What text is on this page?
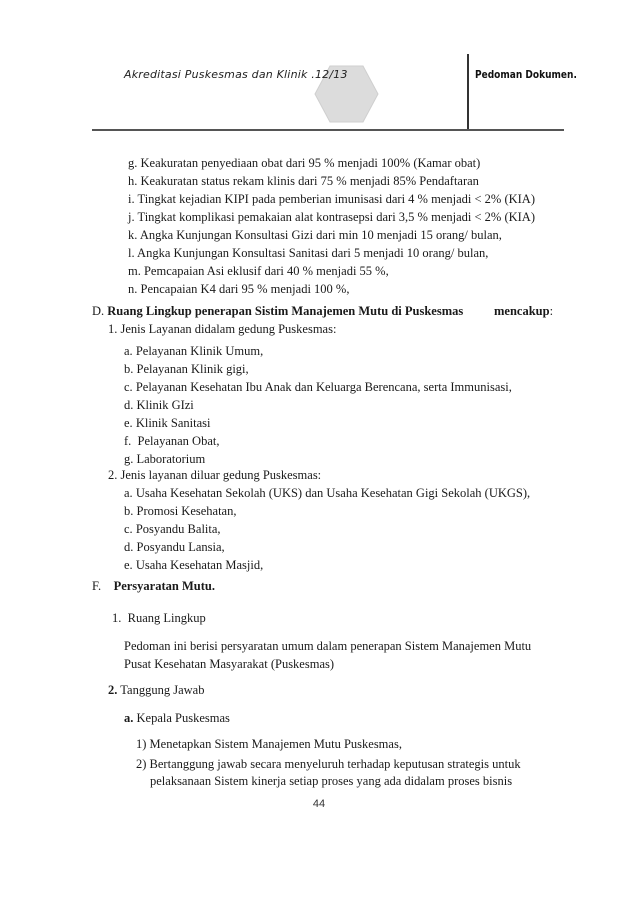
Akreditasi Puskesmas dan Klinik .12/13	Pedoman Dokumen.
g. Keakuratan penyediaan obat dari 95 % menjadi 100% (Kamar obat)
h. Keakuratan status rekam klinis dari 75 % menjadi 85% Pendaftaran
i. Tingkat kejadian KIPI pada pemberian imunisasi dari 4 % menjadi < 2% (KIA)
j. Tingkat komplikasi pemakaian alat kontrasepsi dari 3,5 % menjadi < 2% (KIA)
k. Angka Kunjungan Konsultasi Gizi dari min 10 menjadi 15 orang/ bulan,
l. Angka Kunjungan Konsultasi Sanitasi dari 5 menjadi 10 orang/ bulan,
m. Pemcapaian Asi eklusif dari 40 % menjadi 55 %,
n. Pencapaian K4 dari 95 % menjadi 100 %,
D. Ruang Lingkup penerapan Sistim Manajemen Mutu di Puskesmas mencakup:
1. Jenis Layanan didalam gedung Puskesmas:
a. Pelayanan Klinik Umum,
b. Pelayanan Klinik gigi,
c. Pelayanan Kesehatan Ibu Anak dan Keluarga Berencana, serta Immunisasi,
d. Klinik GIzi
e. Klinik Sanitasi
f. Pelayanan Obat,
g. Laboratorium
2. Jenis layanan diluar gedung Puskesmas:
a. Usaha Kesehatan Sekolah (UKS) dan Usaha Kesehatan Gigi Sekolah (UKGS),
b. Promosi Kesehatan,
c. Posyandu Balita,
d. Posyandu Lansia,
e. Usaha Kesehatan Masjid,
F. Persyaratan Mutu.
1. Ruang Lingkup
Pedoman ini berisi persyaratan umum dalam penerapan Sistem Manajemen Mutu
Pusat Kesehatan Masyarakat (Puskesmas)
2. Tanggung Jawab
a. Kepala Puskesmas
1) Menetapkan Sistem Manajemen Mutu Puskesmas,
2) Bertanggung jawab secara menyeluruh terhadap keputusan strategis untuk
pelaksanaan Sistem kinerja setiap proses yang ada didalam proses bisnis
44
